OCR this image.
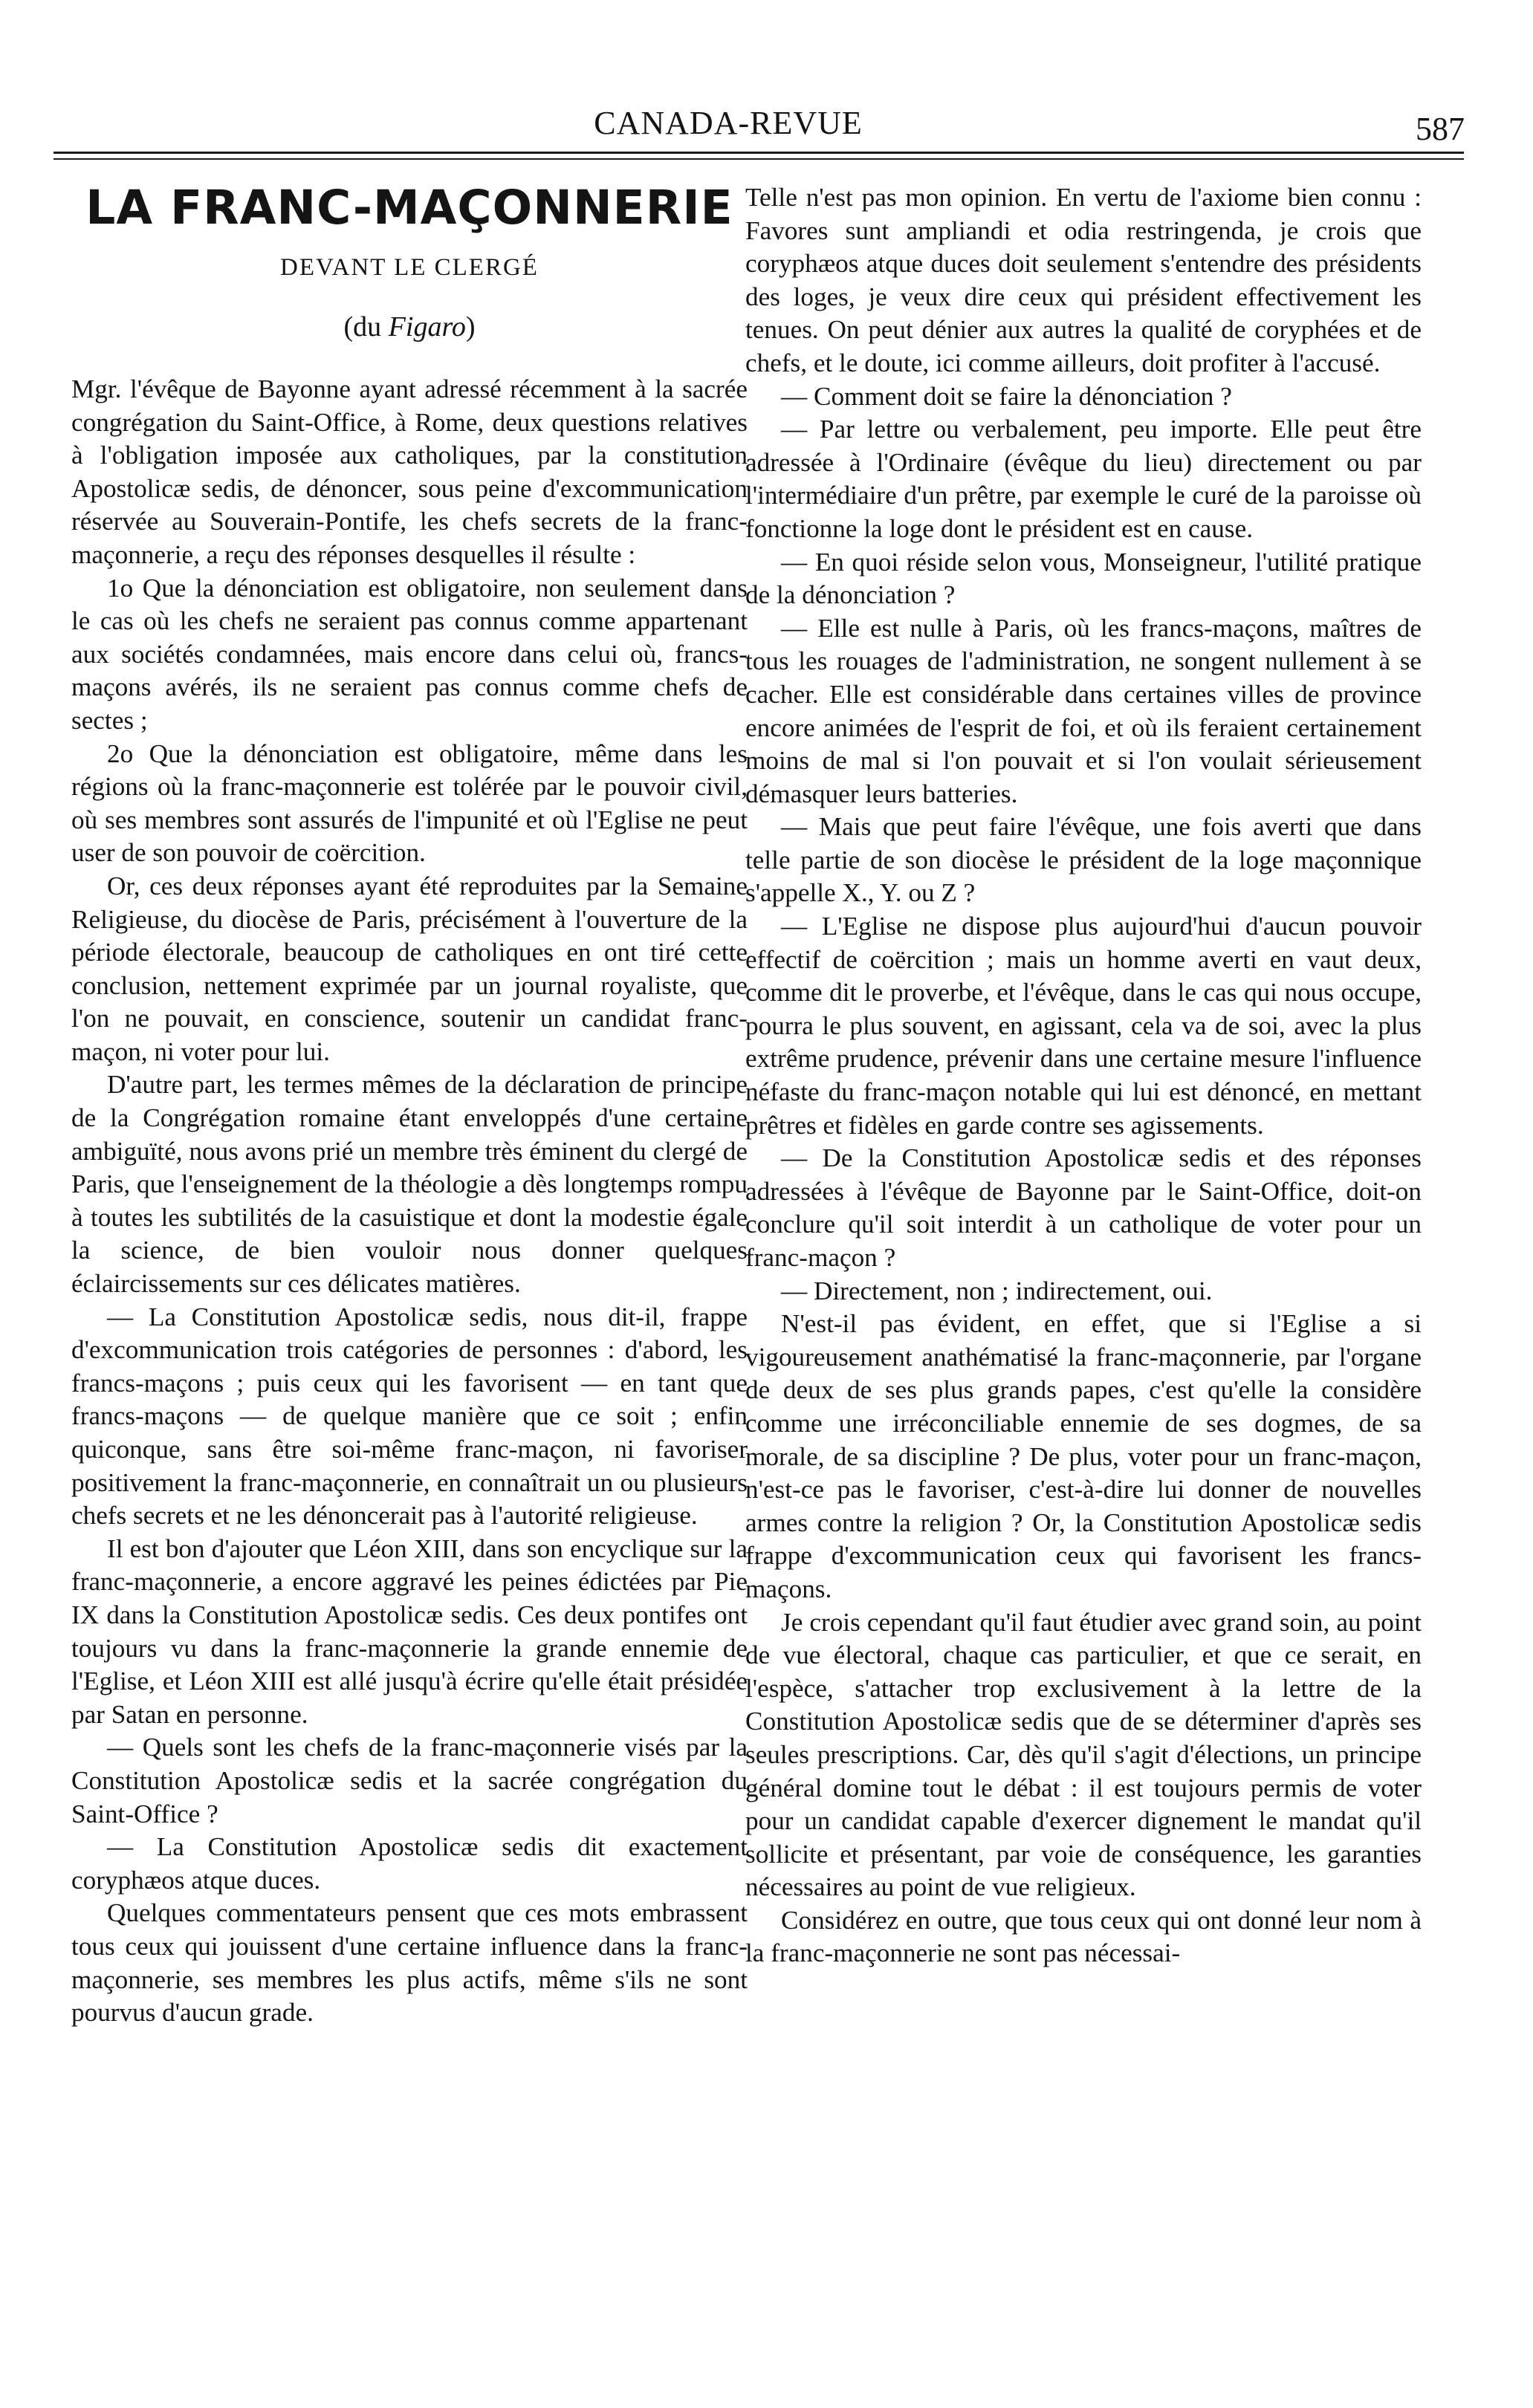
CANADA-REVUE	587
LA FRANC-MAÇONNERIE
DEVANT LE CLERGÉ
(du Figaro)

Mgr. l'évêque de Bayonne ayant adressé récemment à la sacrée congrégation du Saint-Office, à Rome, deux questions relatives à l'obligation imposée aux catholiques, par la constitution Apostolicæ sedis, de dénoncer, sous peine d'excommunication réservée au Souverain-Pontife, les chefs secrets de la franc-maçonnerie, a reçu des réponses desquelles il résulte :

1o Que la dénonciation est obligatoire, non seulement dans le cas où les chefs ne seraient pas connus comme appartenant aux sociétés condamnées, mais encore dans celui où, francs-maçons avérés, ils ne seraient pas connus comme chefs de sectes ;

2o Que la dénonciation est obligatoire, même dans les régions où la franc-maçonnerie est tolérée par le pouvoir civil, où ses membres sont assurés de l'impunité et où l'Eglise ne peut user de son pouvoir de coërcition.

Or, ces deux réponses ayant été reproduites par la Semaine Religieuse, du diocèse de Paris, précisément à l'ouverture de la période électorale, beaucoup de catholiques en ont tiré cette conclusion, nettement exprimée par un journal royaliste, que l'on ne pouvait, en conscience, soutenir un candidat franc-maçon, ni voter pour lui.

D'autre part, les termes mêmes de la déclaration de principe de la Congrégation romaine étant enveloppés d'une certaine ambiguïté, nous avons prié un membre très éminent du clergé de Paris, que l'enseignement de la théologie a dès longtemps rompu à toutes les subtilités de la casuistique et dont la modestie égale la science, de bien vouloir nous donner quelques éclaircissements sur ces délicates matières.

— La Constitution Apostolicæ sedis, nous dit-il, frappe d'excommunication trois catégories de personnes : d'abord, les francs-maçons ; puis ceux qui les favorisent — en tant que francs-maçons — de quelque manière que ce soit ; enfin quiconque, sans être soi-même franc-maçon, ni favoriser positivement la franc-maçonnerie, en connaîtrait un ou plusieurs chefs secrets et ne les dénoncerait pas à l'autorité religieuse.

Il est bon d'ajouter que Léon XIII, dans son encyclique sur la franc-maçonnerie, a encore aggravé les peines édictées par Pie IX dans la Constitution Apostolicæ sedis. Ces deux pontifes ont toujours vu dans la franc-maçonnerie la grande ennemie de l'Eglise, et Léon XIII est allé jusqu'à écrire qu'elle était présidée par Satan en personne.

— Quels sont les chefs de la franc-maçonnerie visés par la Constitution Apostolicæ sedis et la sacrée congrégation du Saint-Office ?

— La Constitution Apostolicæ sedis dit exactement coryphæos atque duces.

Quelques commentateurs pensent que ces mots embrassent tous ceux qui jouissent d'une certaine influence dans la franc-maçonnerie, ses membres les plus actifs, même s'ils ne sont pourvus d'aucun grade.

Telle n'est pas mon opinion. En vertu de l'axiome bien connu : Favores sunt ampliandi et odia restringenda, je crois que coryphæos atque duces doit seulement s'entendre des présidents des loges, je veux dire ceux qui président effectivement les tenues. On peut dénier aux autres la qualité de coryphées et de chefs, et le doute, ici comme ailleurs, doit profiter à l'accusé.

— Comment doit se faire la dénonciation ?

— Par lettre ou verbalement, peu importe. Elle peut être adressée à l'Ordinaire (évêque du lieu) directement ou par l'intermédiaire d'un prêtre, par exemple le curé de la paroisse où fonctionne la loge dont le président est en cause.

— En quoi réside selon vous, Monseigneur, l'utilité pratique de la dénonciation ?

— Elle est nulle à Paris, où les francs-maçons, maîtres de tous les rouages de l'administration, ne songent nullement à se cacher. Elle est considérable dans certaines villes de province encore animées de l'esprit de foi, et où ils feraient certainement moins de mal si l'on pouvait et si l'on voulait sérieusement démasquer leurs batteries.

— Mais que peut faire l'évêque, une fois averti que dans telle partie de son diocèse le président de la loge maçonnique s'appelle X., Y. ou Z ?

— L'Eglise ne dispose plus aujourd'hui d'aucun pouvoir effectif de coërcition ; mais un homme averti en vaut deux, comme dit le proverbe, et l'évêque, dans le cas qui nous occupe, pourra le plus souvent, en agissant, cela va de soi, avec la plus extrême prudence, prévenir dans une certaine mesure l'influence néfaste du franc-maçon notable qui lui est dénoncé, en mettant prêtres et fidèles en garde contre ses agissements.

— De la Constitution Apostolicæ sedis et des réponses adressées à l'évêque de Bayonne par le Saint-Office, doit-on conclure qu'il soit interdit à un catholique de voter pour un franc-maçon ?

— Directement, non ; indirectement, oui.

N'est-il pas évident, en effet, que si l'Eglise a si vigoureusement anathématisé la franc-maçonnerie, par l'organe de deux de ses plus grands papes, c'est qu'elle la considère comme une irréconciliable ennemie de ses dogmes, de sa morale, de sa discipline ? De plus, voter pour un franc-maçon, n'est-ce pas le favoriser, c'est-à-dire lui donner de nouvelles armes contre la religion ? Or, la Constitution Apostolicæ sedis frappe d'excommunication ceux qui favorisent les francs-maçons.

Je crois cependant qu'il faut étudier avec grand soin, au point de vue électoral, chaque cas particulier, et que ce serait, en l'espèce, s'attacher trop exclusivement à la lettre de la Constitution Apostolicæ sedis que de se déterminer d'après ses seules prescriptions. Car, dès qu'il s'agit d'élections, un principe général domine tout le débat : il est toujours permis de voter pour un candidat capable d'exercer dignement le mandat qu'il sollicite et présentant, par voie de conséquence, les garanties nécessaires au point de vue religieux.

Considérez en outre, que tous ceux qui ont donné leur nom à la franc-maçonnerie ne sont pas nécessai-
